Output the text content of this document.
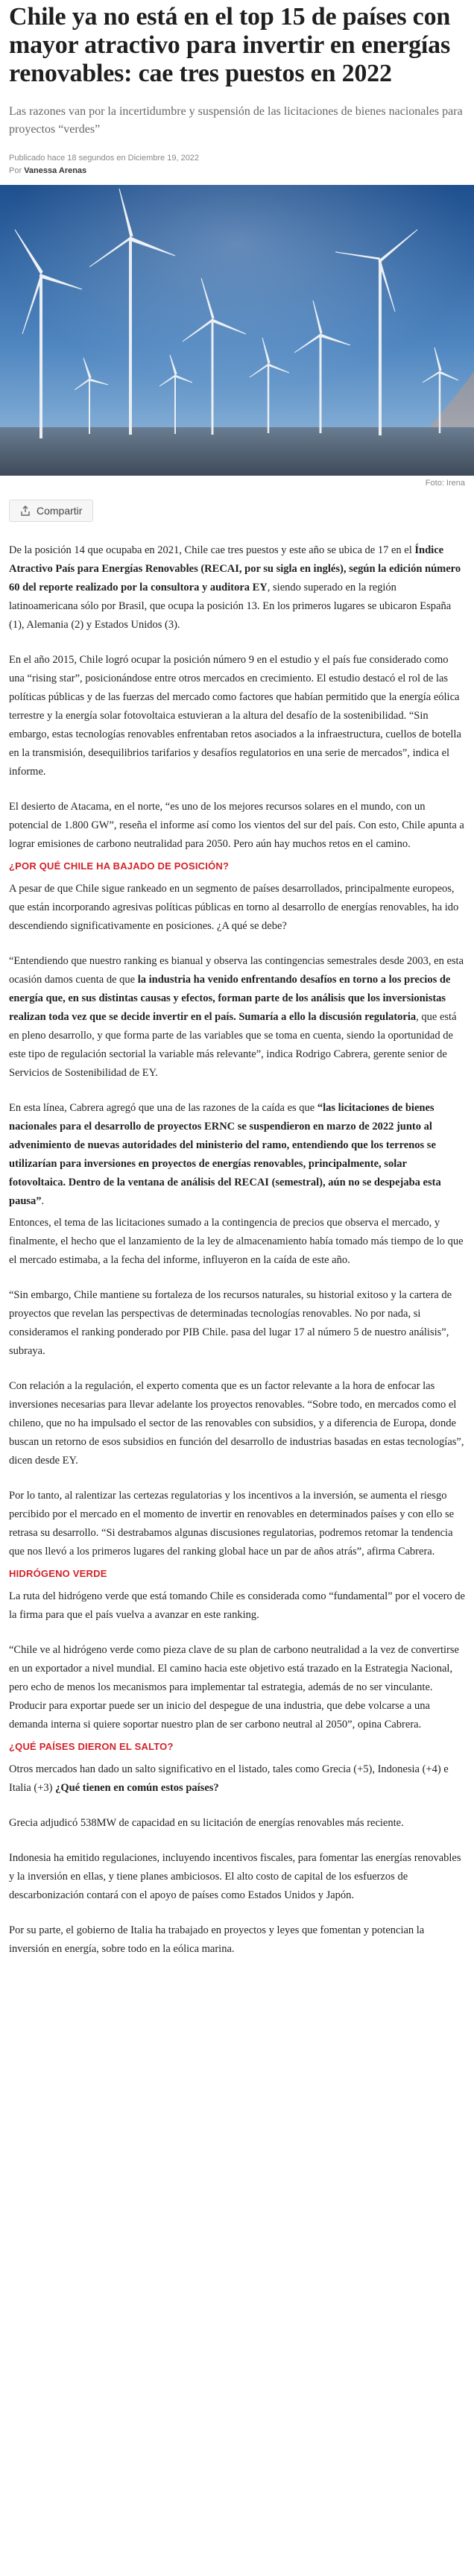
Chile ya no está en el top 15 de países con mayor atractivo para invertir en energías renovables: cae tres puestos en 2022

Las razones van por la incertidumbre y suspensión de las licitaciones de bienes nacionales para proyectos “verdes”

Publicado hace 18 segundos en Diciembre 19, 2022
Por Vanessa Arenas
Foto: Irena
Compartir

De la posición 14 que ocupaba en 2021, Chile cae tres puestos y este año se ubica de 17 en el Índice Atractivo País para Energías Renovables (RECAI, por su sigla en inglés), según la edición número 60 del reporte realizado por la consultora y auditora EY, siendo superado en la región latinoamericana sólo por Brasil, que ocupa la posición 13. En los primeros lugares se ubicaron España (1), Alemania (2) y Estados Unidos (3).

En el año 2015, Chile logró ocupar la posición número 9 en el estudio y el país fue considerado como una “rising star”, posicionándose entre otros mercados en crecimiento. El estudio destacó el rol de las políticas públicas y de las fuerzas del mercado como factores que habían permitido que la energía eólica terrestre y la energía solar fotovoltaica estuvieran a la altura del desafío de la sostenibilidad. “Sin embargo, estas tecnologías renovables enfrentaban retos asociados a la infraestructura, cuellos de botella en la transmisión, desequilibrios tarifarios y desafíos regulatorios en una serie de mercados”, indica el informe.

El desierto de Atacama, en el norte, “es uno de los mejores recursos solares en el mundo, con un potencial de 1.800 GW”, reseña el informe así como los vientos del sur del país. Con esto, Chile apunta a lograr emisiones de carbono neutralidad para 2050. Pero aún hay muchos retos en el camino.

¿POR QUÉ CHILE HA BAJADO DE POSICIÓN?

A pesar de que Chile sigue rankeado en un segmento de países desarrollados, principalmente europeos, que están incorporando agresivas políticas públicas en torno al desarrollo de energías renovables, ha ido descendiendo significativamente en posiciones. ¿A qué se debe?

“Entendiendo que nuestro ranking es bianual y observa las contingencias semestrales desde 2003, en esta ocasión damos cuenta de que la industria ha venido enfrentando desafíos en torno a los precios de energía que, en sus distintas causas y efectos, forman parte de los análisis que los inversionistas realizan toda vez que se decide invertir en el país. Sumaría a ello la discusión regulatoria, que está en pleno desarrollo, y que forma parte de las variables que se toma en cuenta, siendo la oportunidad de este tipo de regulación sectorial la variable más relevante”, indica Rodrigo Cabrera, gerente senior de Servicios de Sostenibilidad de EY.

En esta línea, Cabrera agregó que una de las razones de la caída es que “las licitaciones de bienes nacionales para el desarrollo de proyectos ERNC se suspendieron en marzo de 2022 junto al advenimiento de nuevas autoridades del ministerio del ramo, entendiendo que los terrenos se utilizarían para inversiones en proyectos de energías renovables, principalmente, solar fotovoltaica. Dentro de la ventana de análisis del RECAI (semestral), aún no se despejaba esta pausa”.

Entonces, el tema de las licitaciones sumado a la contingencia de precios que observa el mercado, y finalmente, el hecho que el lanzamiento de la ley de almacenamiento había tomado más tiempo de lo que el mercado estimaba, a la fecha del informe, influyeron en la caída de este año.

“Sin embargo, Chile mantiene su fortaleza de los recursos naturales, su historial exitoso y la cartera de proyectos que revelan las perspectivas de determinadas tecnologías renovables. No por nada, si consideramos el ranking ponderado por PIB Chile. pasa del lugar 17 al número 5 de nuestro análisis”, subraya.

Con relación a la regulación, el experto comenta que es un factor relevante a la hora de enfocar las inversiones necesarias para llevar adelante los proyectos renovables. “Sobre todo, en mercados como el chileno, que no ha impulsado el sector de las renovables con subsidios, y a diferencia de Europa, donde buscan un retorno de esos subsidios en función del desarrollo de industrias basadas en estas tecnologías”, dicen desde EY.

Por lo tanto, al ralentizar las certezas regulatorias y los incentivos a la inversión, se aumenta el riesgo percibido por el mercado en el momento de invertir en renovables en determinados países y con ello se retrasa su desarrollo. “Si destrabamos algunas discusiones regulatorias, podremos retomar la tendencia que nos llevó a los primeros lugares del ranking global hace un par de años atrás”, afirma Cabrera.

HIDRÓGENO VERDE

La ruta del hidrógeno verde que está tomando Chile es considerada como “fundamental” por el vocero de la firma para que el país vuelva a avanzar en este ranking.

“Chile ve al hidrógeno verde como pieza clave de su plan de carbono neutralidad a la vez de convertirse en un exportador a nivel mundial. El camino hacia este objetivo está trazado en la Estrategia Nacional, pero echo de menos los mecanismos para implementar tal estrategia, además de no ser vinculante. Producir para exportar puede ser un inicio del despegue de una industria, que debe volcarse a una demanda interna si quiere soportar nuestro plan de ser carbono neutral al 2050”, opina Cabrera.

¿QUÉ PAÍSES DIERON EL SALTO?

Otros mercados han dado un salto significativo en el listado, tales como Grecia (+5), Indonesia (+4) e Italia (+3) ¿Qué tienen en común estos países?

Grecia adjudicó 538MW de capacidad en su licitación de energías renovables más reciente.

Indonesia ha emitido regulaciones, incluyendo incentivos fiscales, para fomentar las energías renovables y la inversión en ellas, y tiene planes ambiciosos. El alto costo de capital de los esfuerzos de descarbonización contará con el apoyo de países como Estados Unidos y Japón.

Por su parte, el gobierno de Italia ha trabajado en proyectos y leyes que fomentan y potencian la inversión en energía, sobre todo en la eólica marina.
